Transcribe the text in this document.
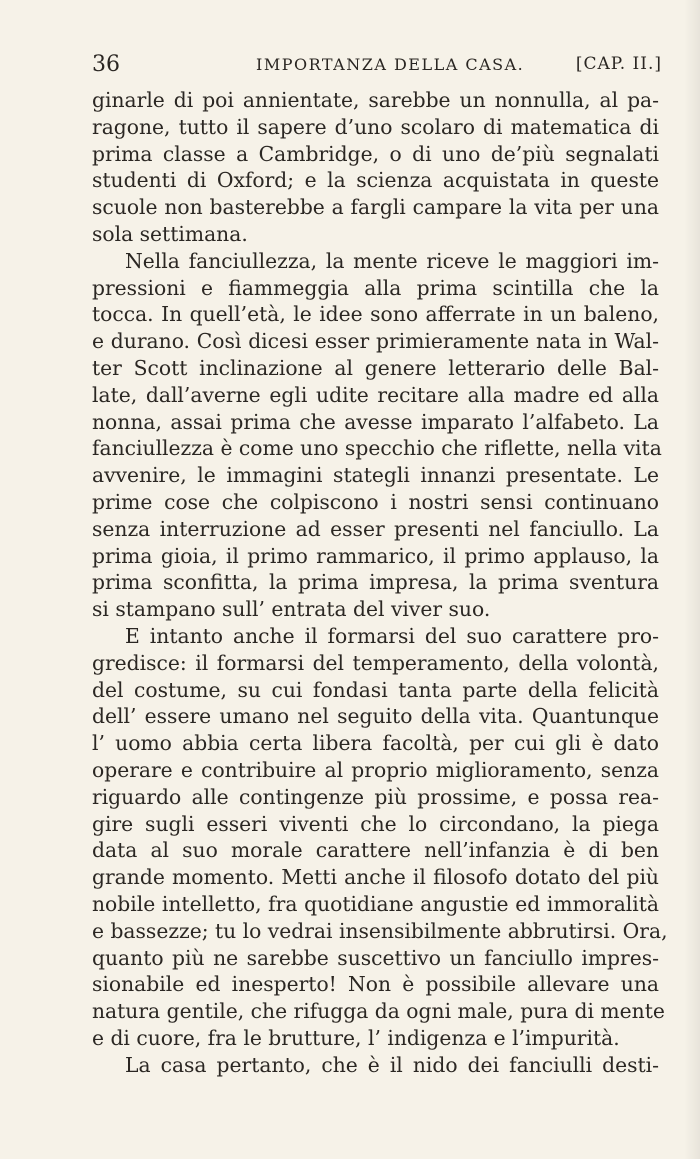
36	IMPORTANZA DELLA CASA.	[CAP. II.]
ginarle di poi annientate, sarebbe un nonnulla, al pa-
ragone, tutto il sapere d’uno scolaro di matematica di
prima classe a Cambridge, o di uno de’più segnalati
studenti di Oxford; e la scienza acquistata in queste
scuole non basterebbe a fargli campare la vita per una
sola settimana.
Nella fanciullezza, la mente riceve le maggiori im-
pressioni e fiammeggia alla prima scintilla che la
tocca. In quell’età, le idee sono afferrate in un baleno,
e durano. Così dicesi esser primieramente nata in Wal-
ter Scott inclinazione al genere letterario delle Bal-
late, dall’averne egli udite recitare alla madre ed alla
nonna, assai prima che avesse imparato l’alfabeto. La
fanciullezza è come uno specchio che riflette, nella vita
avvenire, le immagini stategli innanzi presentate. Le
prime cose che colpiscono i nostri sensi continuano
senza interruzione ad esser presenti nel fanciullo. La
prima gioia, il primo rammarico, il primo applauso, la
prima sconfitta, la prima impresa, la prima sventura
si stampano sull’ entrata del viver suo.
E intanto anche il formarsi del suo carattere pro-
gredisce: il formarsi del temperamento, della volontà,
del costume, su cui fondasi tanta parte della felicità
dell’ essere umano nel seguito della vita. Quantunque
l’ uomo abbia certa libera facoltà, per cui gli è dato
operare e contribuire al proprio miglioramento, senza
riguardo alle contingenze più prossime, e possa rea-
gire sugli esseri viventi che lo circondano, la piega
data al suo morale carattere nell’infanzia è di ben
grande momento. Metti anche il filosofo dotato del più
nobile intelletto, fra quotidiane angustie ed immoralità
e bassezze; tu lo vedrai insensibilmente abbrutirsi. Ora,
quanto più ne sarebbe suscettivo un fanciullo impres-
sionabile ed inesperto! Non è possibile allevare una
natura gentile, che rifugga da ogni male, pura di mente
e di cuore, fra le brutture, l’ indigenza e l’impurità.
La casa pertanto, che è il nido dei fanciulli desti-
